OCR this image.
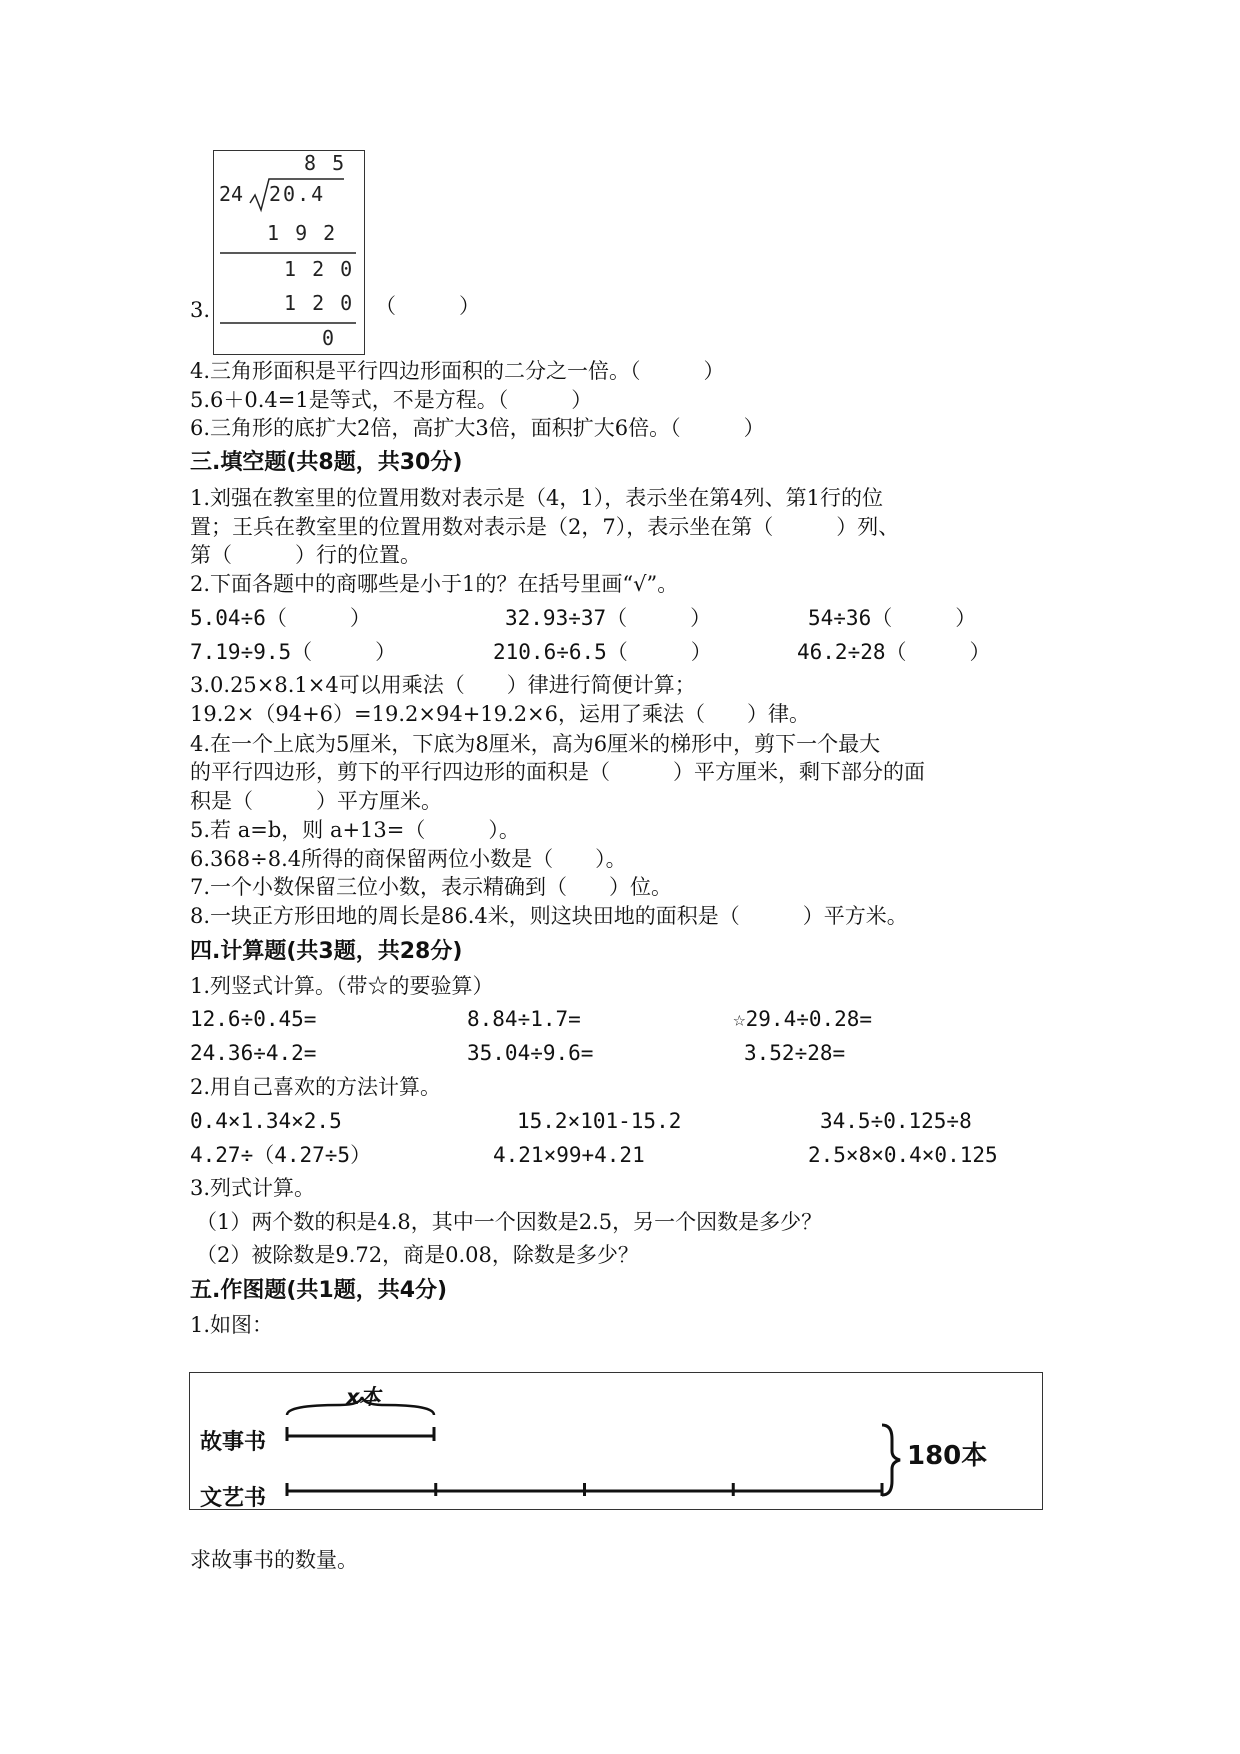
3.
8 5
24 20.4
1 9 2
1 2 0
1 2 0
0
（　　　）
4.三角形面积是平行四边形面积的二分之一倍。（　　　）
5.6＋0.4=1是等式，不是方程。（　　　）
6.三角形的底扩大2倍，高扩大3倍，面积扩大6倍。（　　　）
三.填空题(共8题，共30分)
1.刘强在教室里的位置用数对表示是（4，1），表示坐在第4列、第1行的位
置；王兵在教室里的位置用数对表示是（2，7），表示坐在第（　　　）列、
第（　　　）行的位置。
2.下面各题中的商哪些是小于1的？在括号里画“√”。
5.04÷6（　　　）	32.93÷37（　　　）	54÷36（　　　）
7.19÷9.5（　　　）	210.6÷6.5（　　　）	46.2÷28（　　　）
3.0.25×8.1×4可以用乘法（　　）律进行简便计算；
19.2×（94+6）=19.2×94+19.2×6，运用了乘法（　　）律。
4.在一个上底为5厘米，下底为8厘米，高为6厘米的梯形中，剪下一个最大
的平行四边形，剪下的平行四边形的面积是（　　　）平方厘米，剩下部分的面
积是（　　　）平方厘米。
5.若 a=b，则 a+13=（　　　）。
6.368÷8.4所得的商保留两位小数是（　　）。
7.一个小数保留三位小数，表示精确到（　　）位。
8.一块正方形田地的周长是86.4米，则这块田地的面积是（　　　）平方米。
四.计算题(共3题，共28分)
1.列竖式计算。（带☆的要验算）
12.6÷0.45=	8.84÷1.7=	☆29.4÷0.28=
24.36÷4.2=	35.04÷9.6=	3.52÷28=
2.用自己喜欢的方法计算。
0.4×1.34×2.5	15.2×101-15.2	34.5÷0.125÷8
4.27÷（4.27÷5）	4.21×99+4.21	2.5×8×0.4×0.125
3.列式计算。
（1）两个数的积是4.8，其中一个因数是2.5，另一个因数是多少？
（2）被除数是9.72，商是0.08，除数是多少？
五.作图题(共1题，共4分)
1.如图：
x本
故事书
文艺书
180本
求故事书的数量。
